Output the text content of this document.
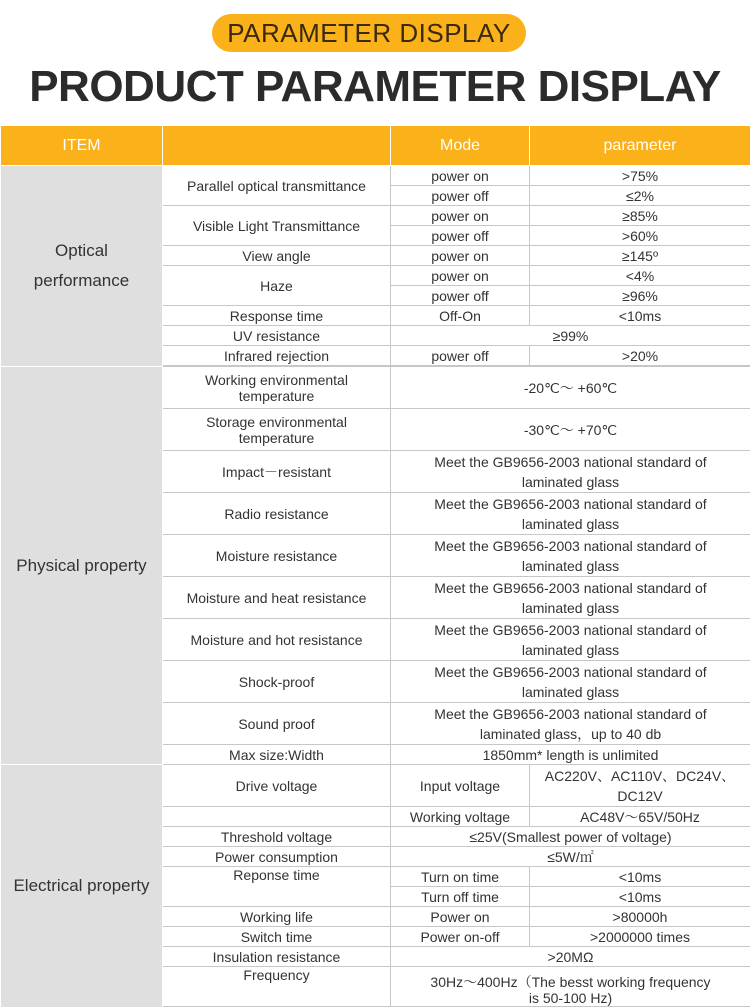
PARAMETER DISPLAY
PRODUCT PARAMETER DISPLAY
ITEM		Mode	parameter
Optical
performance	Parallel optical transmittance	power on	>75%
		power off	≤2%
	Visible Light Transmittance	power on	≥85%
		power off	>60%
	View angle	power on	≥145º
	Haze	power on	<4%
		power off	≥96%
	Response time	Off-On	<10ms
	UV resistance	≥99%	
	Infrared rejection	power off	>20%

Physical property	Working environmental
temperature	-20℃～ +60℃	
	Storage environmental
temperature	-30℃～ +70℃	
	Impact－resistant	Meet the GB9656-2003 national standard of
laminated glass	
	Radio resistance	Meet the GB9656-2003 national standard of
laminated glass	
	Moisture resistance	Meet the GB9656-2003 national standard of
laminated glass	
	Moisture and heat resistance	Meet the GB9656-2003 national standard of
laminated glass	
	Moisture and hot resistance	Meet the GB9656-2003 national standard of
laminated glass	
	Shock-proof	Meet the GB9656-2003 national standard of
laminated glass	
	Sound proof	Meet the GB9656-2003 national standard of
laminated glass，up to 40 db	
	Max size:Width	1850mm* length is unlimited	
Electrical property	Drive voltage	Input voltage	AC220V、AC110V、DC24V、
DC12V
		Working voltage	AC48V～65V/50Hz
	Threshold voltage	≤25V(Smallest power of voltage)	
	Power consumption	≤5W/㎡	
	Reponse time	Turn on time	<10ms
		Turn off time	<10ms
	Working life	Power on	>80000h
	Switch time	Power on-off	>2000000 times
	Insulation resistance	>20MΩ	
	Frequency	30Hz～400Hz（The besst working frequency
is 50-100 Hz)	
